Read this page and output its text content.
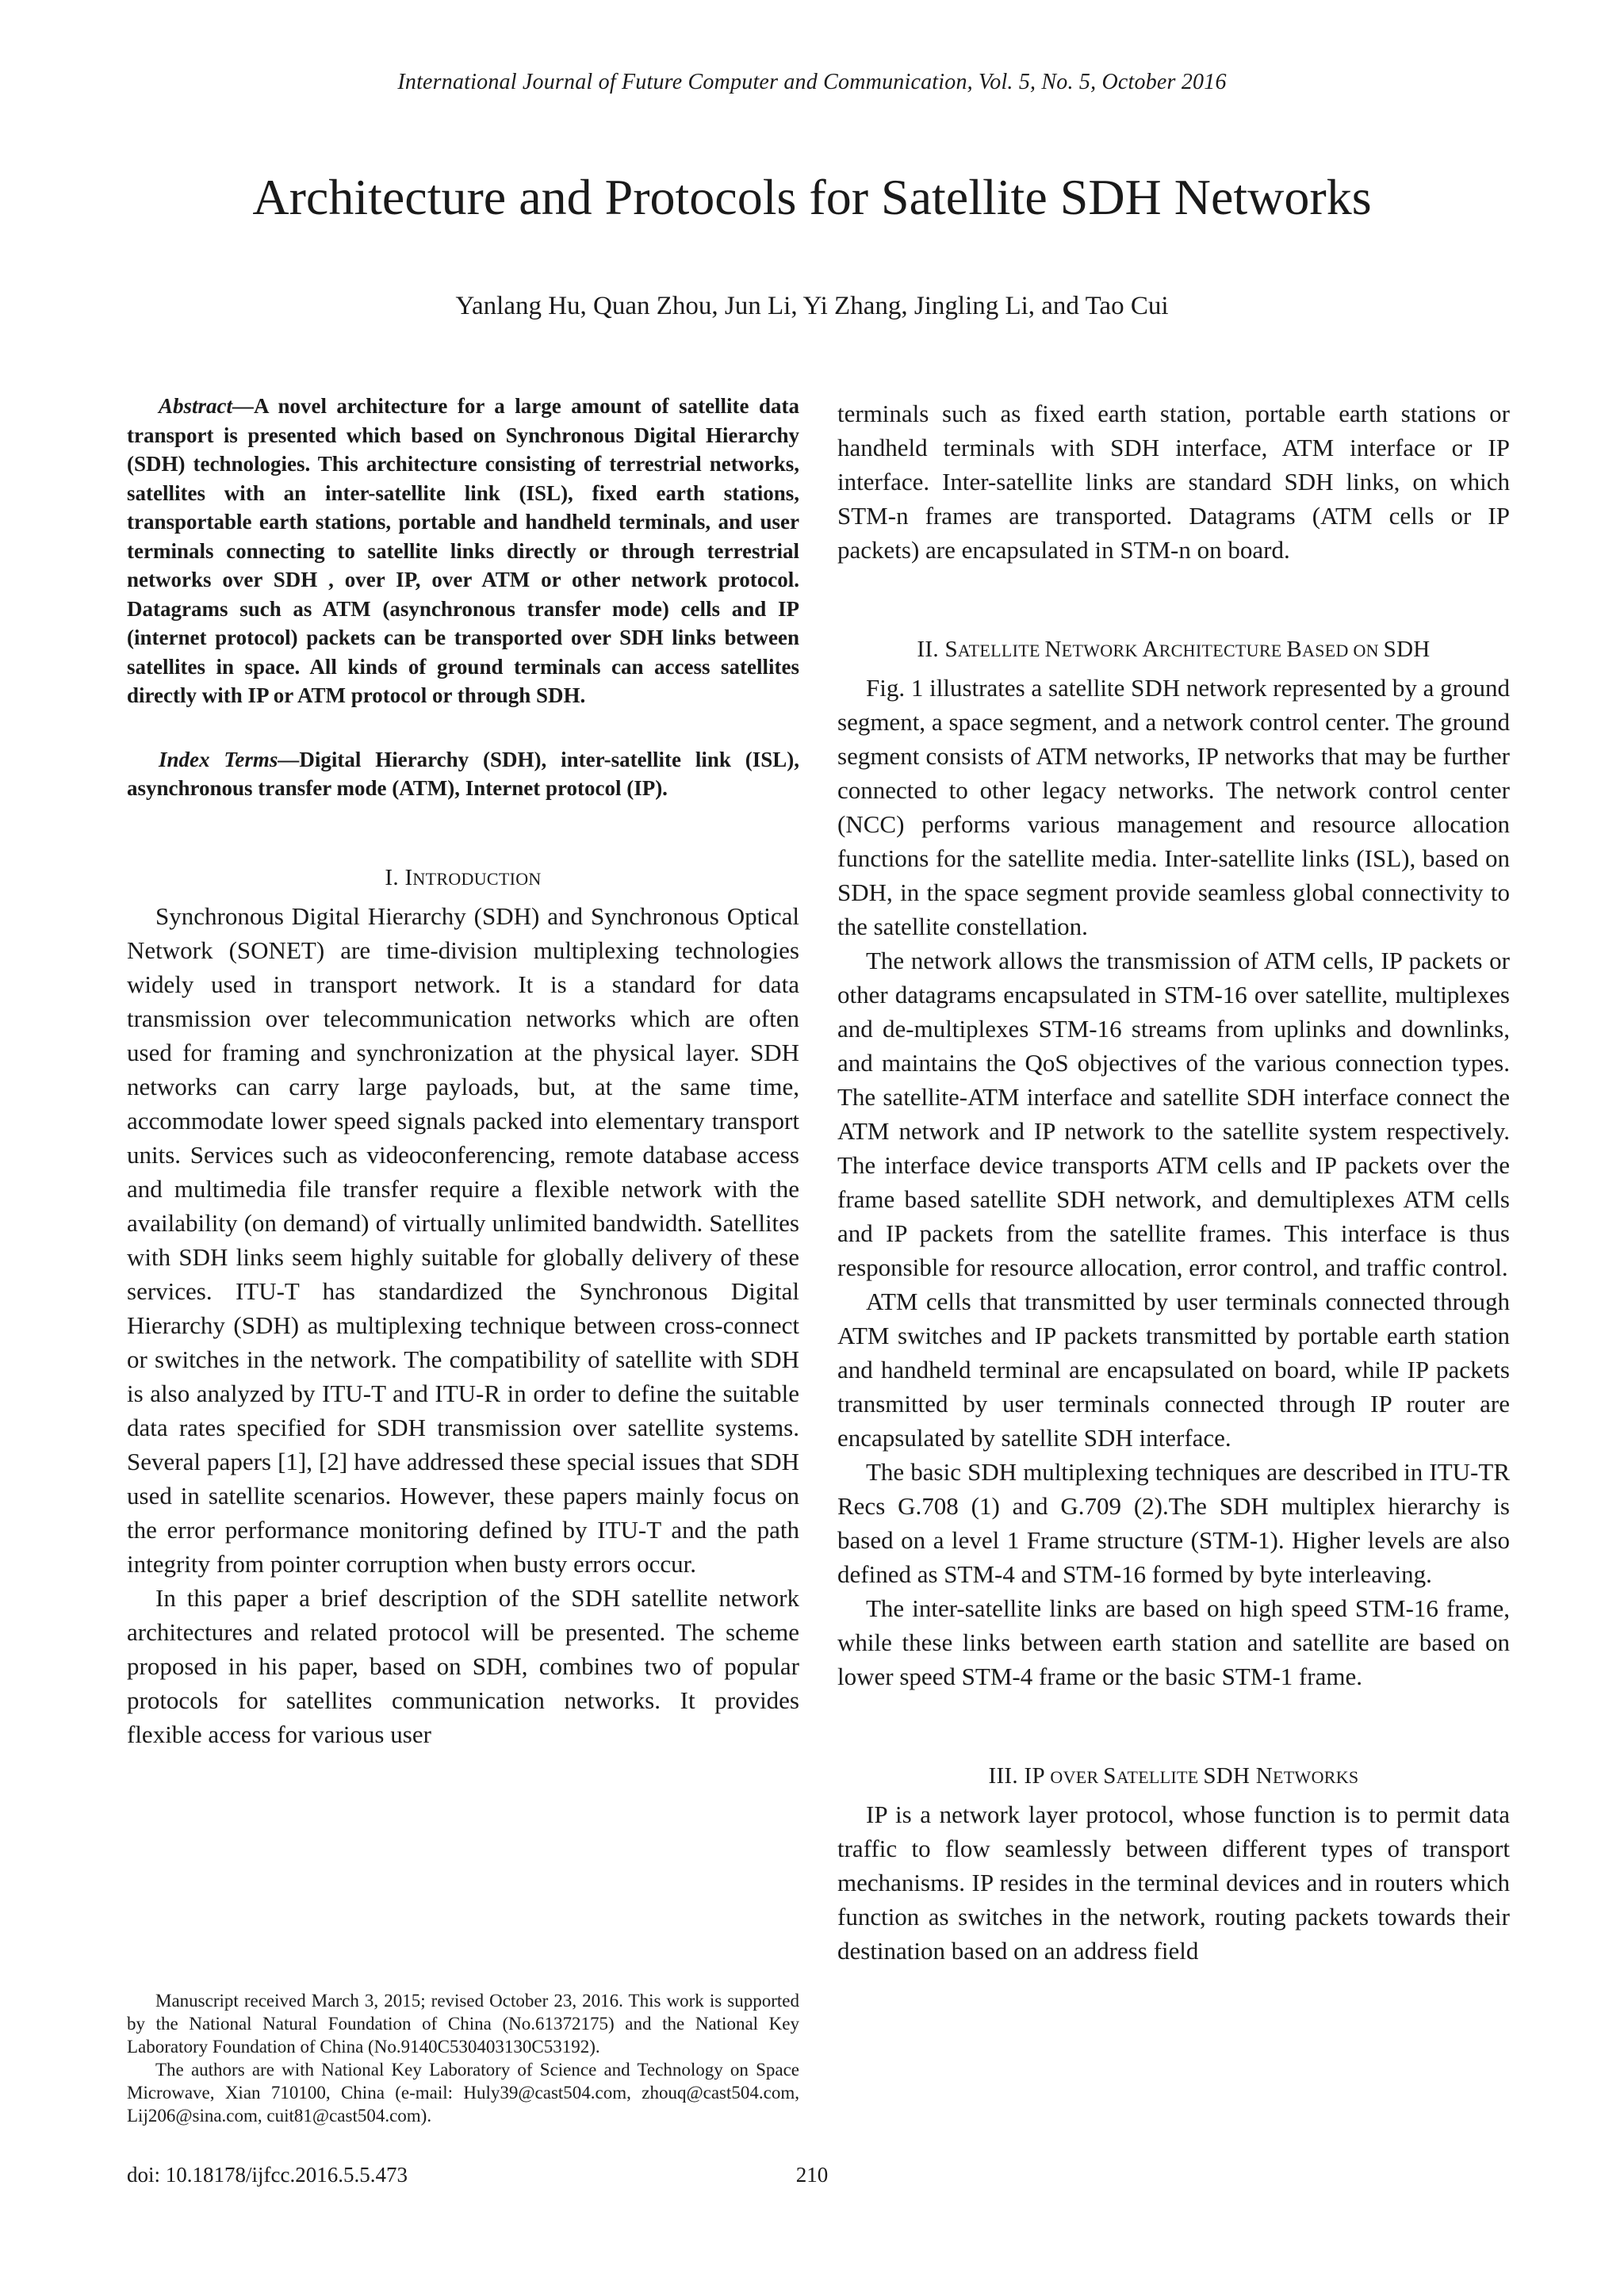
International Journal of Future Computer and Communication, Vol. 5, No. 5, October 2016
Architecture and Protocols for Satellite SDH Networks
Yanlang Hu, Quan Zhou, Jun Li, Yi Zhang, Jingling Li, and Tao Cui

Abstract—A novel architecture for a large amount of satellite data transport is presented which based on Synchronous Digital Hierarchy (SDH) technologies. This architecture consisting of terrestrial networks, satellites with an inter-satellite link (ISL), fixed earth stations, transportable earth stations, portable and handheld terminals, and user terminals connecting to satellite links directly or through terrestrial networks over SDH , over IP, over ATM or other network protocol. Datagrams such as ATM (asynchronous transfer mode) cells and IP (internet protocol) packets can be transported over SDH links between satellites in space. All kinds of ground terminals can access satellites directly with IP or ATM protocol or through SDH.

Index Terms—Digital Hierarchy (SDH), inter-satellite link (ISL), asynchronous transfer mode (ATM), Internet protocol (IP).

I. INTRODUCTION

Synchronous Digital Hierarchy (SDH) and Synchronous Optical Network (SONET) are time-division multiplexing technologies widely used in transport network. It is a standard for data transmission over telecommunication networks which are often used for framing and synchronization at the physical layer. SDH networks can carry large payloads, but, at the same time, accommodate lower speed signals packed into elementary transport units. Services such as videoconferencing, remote database access and multimedia file transfer require a flexible network with the availability (on demand) of virtually unlimited bandwidth. Satellites with SDH links seem highly suitable for globally delivery of these services. ITU-T has standardized the Synchronous Digital Hierarchy (SDH) as multiplexing technique between cross-connect or switches in the network. The compatibility of satellite with SDH is also analyzed by ITU-T and ITU-R in order to define the suitable data rates specified for SDH transmission over satellite systems. Several papers [1], [2] have addressed these special issues that SDH used in satellite scenarios. However, these papers mainly focus on the error performance monitoring defined by ITU-T and the path integrity from pointer corruption when busty errors occur.

In this paper a brief description of the SDH satellite network architectures and related protocol will be presented. The scheme proposed in his paper, based on SDH, combines two of popular protocols for satellites communication networks. It provides flexible access for various user

terminals such as fixed earth station, portable earth stations or handheld terminals with SDH interface, ATM interface or IP interface. Inter-satellite links are standard SDH links, on which STM-n frames are transported. Datagrams (ATM cells or IP packets) are encapsulated in STM-n on board.

II. SATELLITE NETWORK ARCHITECTURE BASED ON SDH

Fig. 1 illustrates a satellite SDH network represented by a ground segment, a space segment, and a network control center. The ground segment consists of ATM networks, IP networks that may be further connected to other legacy networks. The network control center (NCC) performs various management and resource allocation functions for the satellite media. Inter-satellite links (ISL), based on SDH, in the space segment provide seamless global connectivity to the satellite constellation.

The network allows the transmission of ATM cells, IP packets or other datagrams encapsulated in STM-16 over satellite, multiplexes and de-multiplexes STM-16 streams from uplinks and downlinks, and maintains the QoS objectives of the various connection types. The satellite-ATM interface and satellite SDH interface connect the ATM network and IP network to the satellite system respectively. The interface device transports ATM cells and IP packets over the frame based satellite SDH network, and demultiplexes ATM cells and IP packets from the satellite frames. This interface is thus responsible for resource allocation, error control, and traffic control.

ATM cells that transmitted by user terminals connected through ATM switches and IP packets transmitted by portable earth station and handheld terminal are encapsulated on board, while IP packets transmitted by user terminals connected through IP router are encapsulated by satellite SDH interface.

The basic SDH multiplexing techniques are described in ITU-TR Recs G.708 (1) and G.709 (2).The SDH multiplex hierarchy is based on a level 1 Frame structure (STM-1). Higher levels are also defined as STM-4 and STM-16 formed by byte interleaving.

The inter-satellite links are based on high speed STM-16 frame, while these links between earth station and satellite are based on lower speed STM-4 frame or the basic STM-1 frame.

III. IP OVER SATELLITE SDH NETWORKS

IP is a network layer protocol, whose function is to permit data traffic to flow seamlessly between different types of transport mechanisms. IP resides in the terminal devices and in routers which function as switches in the network, routing packets towards their destination based on an address field

Manuscript received March 3, 2015; revised October 23, 2016. This work is supported by the National Natural Foundation of China (No.61372175) and the National Key Laboratory Foundation of China (No.9140C530403130C53192).

The authors are with National Key Laboratory of Science and Technology on Space Microwave, Xian 710100, China (e-mail: Huly39@cast504.com, zhouq@cast504.com, Lij206@sina.com, cuit81@cast504.com).

doi: 10.18178/ijfcc.2016.5.5.473	210
